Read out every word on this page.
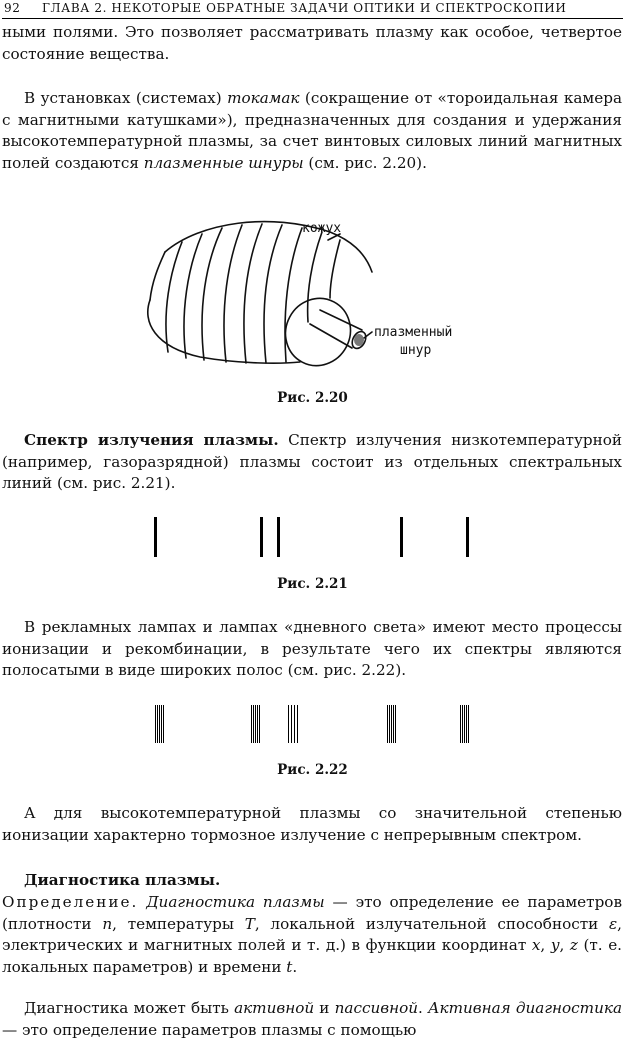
92 ГЛАВА 2. НЕКОТОРЫЕ ОБРАТНЫЕ ЗАДАЧИ ОПТИКИ И СПЕКТРОСКОПИИ

ными полями. Это позволяет рассматривать плазму как особое, четвертое состояние вещества.

В установках (системах) токамак (сокращение от «тороидальная камера с магнитными катушками»), предназначенных для создания и удержания высокотемпературной плазмы, за счет винтовых силовых линий магнитных полей создаются плазменные шнуры (см. рис. 2.20).

кожух
плазменный
шнур
Рис. 2.20

Спектр излучения плазмы. Спектр излучения низкотемпературной (например, газоразрядной) плазмы состоит из отдельных спектральных линий (см. рис. 2.21).

Рис. 2.21

В рекламных лампах и лампах «дневного света» имеют место процессы ионизации и рекомбинации, в результате чего их спектры являются полосатыми в виде широких полос (см. рис. 2.22).

Рис. 2.22

А для высокотемпературной плазмы со значительной степенью ионизации характерно тормозное излучение с непрерывным спектром.

Диагностика плазмы.

Определение. Диагностика плазмы — это определение ее параметров (плотности n, температуры T, локальной излучательной способности ε, электрических и магнитных полей и т. д.) в функции координат x, y, z (т. е. локальных параметров) и времени t.

Диагностика может быть активной и пассивной. Активная диагностика — это определение параметров плазмы с помощью
